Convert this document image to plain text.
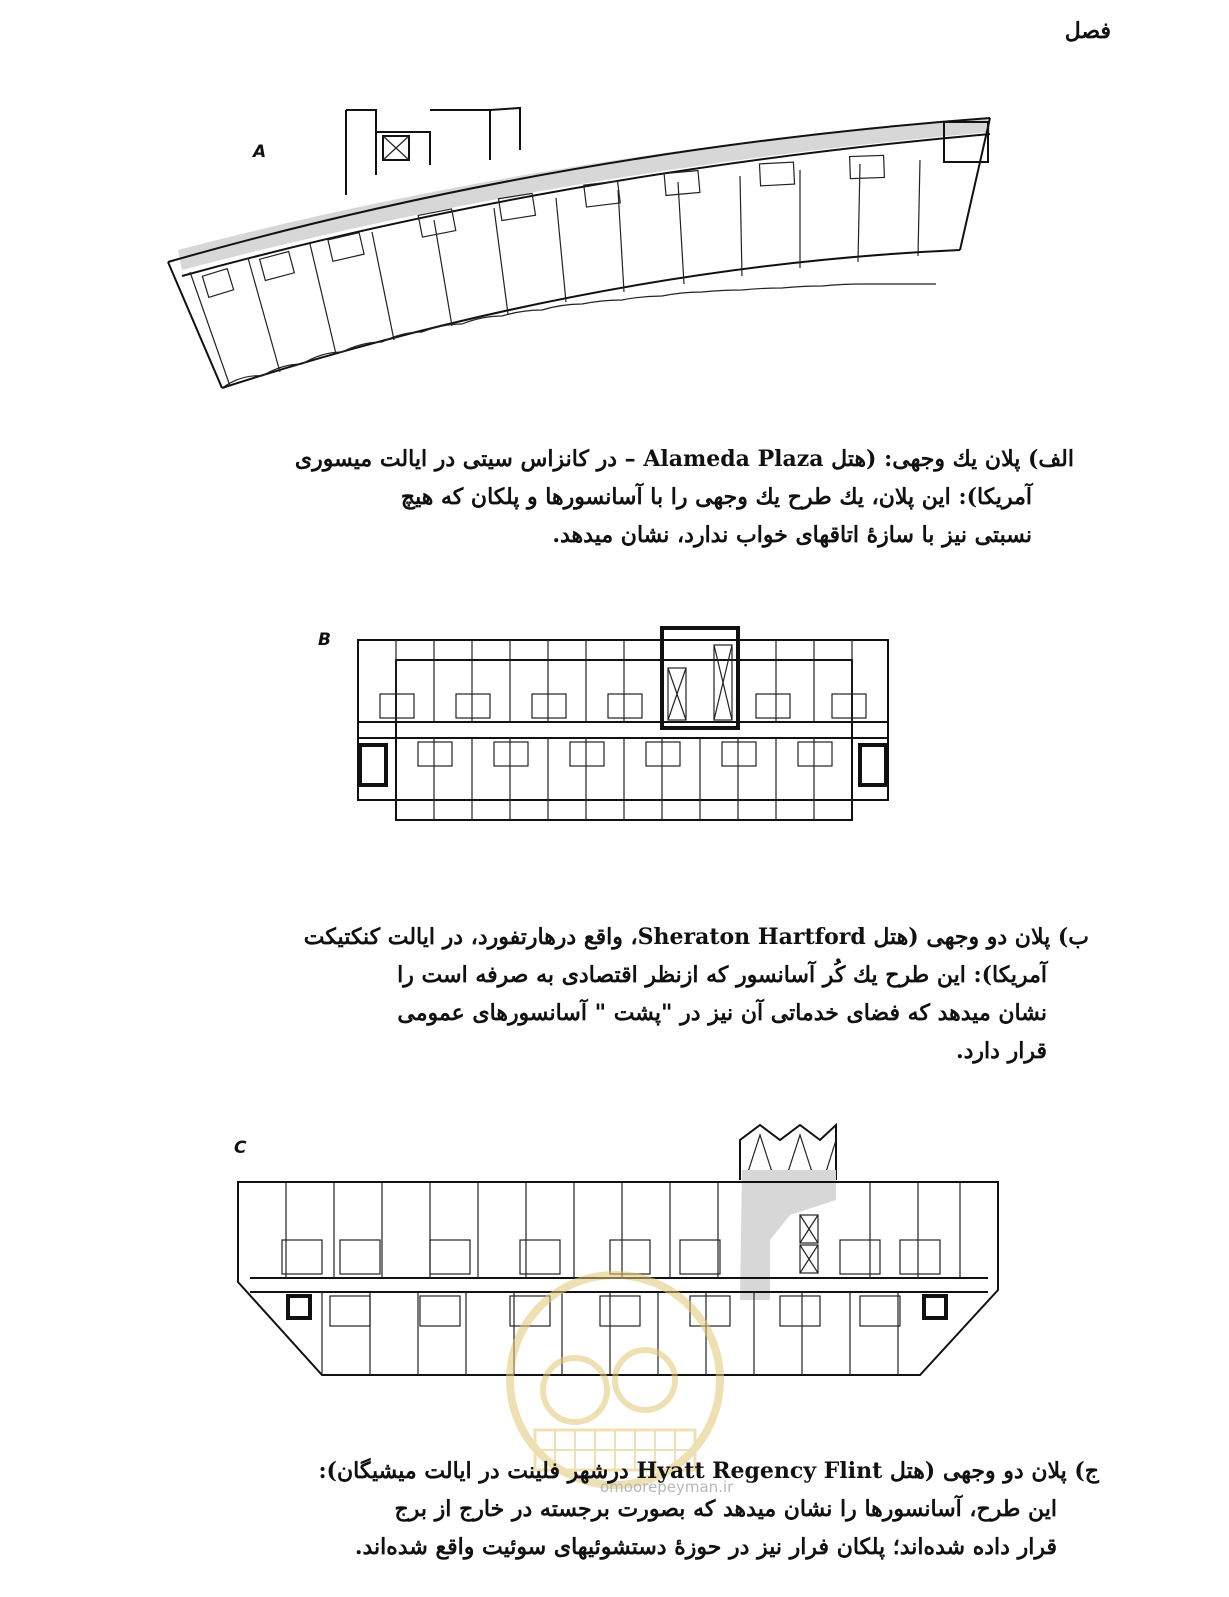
فصل
A
الف) پلان يك وجهی: (هتل Alameda Plaza – در كانزاس سيتی در ايالت ميسوری
آمريكا): اين پلان، يك طرح يك وجهی را با آسانسورها و پلكان كه هيچ
نسبتی نيز با سازهٔ اتاقهای خواب ندارد، نشان ميدهد.
B
ب) پلان دو وجهی (هتل Sheraton Hartford، واقع درهارتفورد، در ايالت كنكتيكت
آمريكا): اين طرح يك كُر آسانسور كه ازنظر اقتصادی به صرفه است را
نشان ميدهد كه فضای خدماتی آن نيز در "پشت " آسانسورهای عمومی
قرار دارد.
C
omoorepeyman.ir
ج) پلان دو وجهی (هتل Hyatt Regency Flint درشهر فلينت در ايالت ميشيگان):
اين طرح، آسانسورها را نشان ميدهد كه بصورت برجسته در خارج از برج
قرار داده شده‌اند؛ پلكان فرار نيز در حوزهٔ دستشوئيهای سوئيت واقع شده‌اند.
